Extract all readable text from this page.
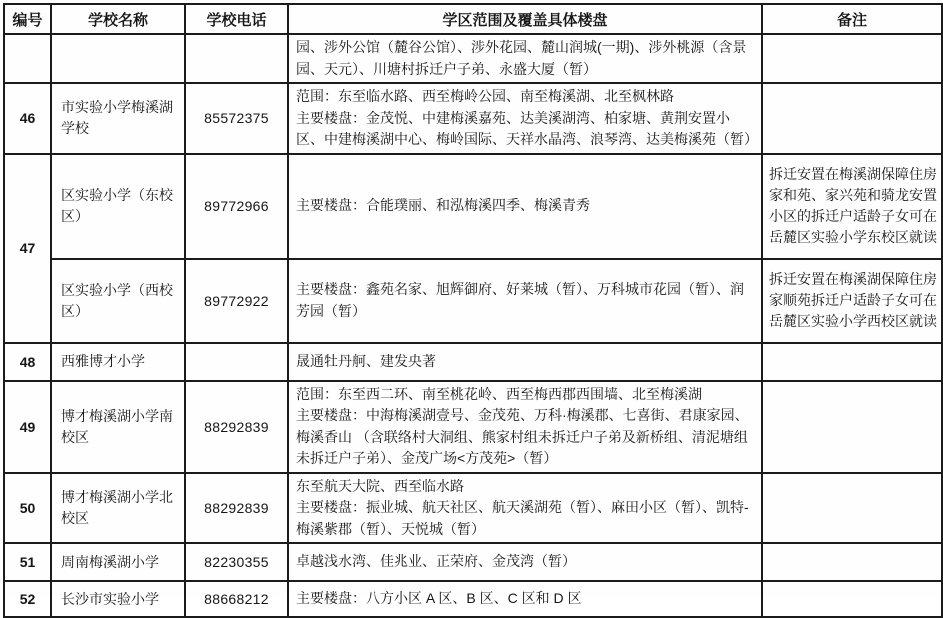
编号	学校名称	学校电话	学区范围及覆盖具体楼盘	备注
			园、涉外公馆（麓谷公馆）、涉外花园、麓山润城(一期)、涉外桃源（含景园、天元）、川塘村拆迁户子弟、永盛大厦（暂）	
46	市实验小学梅溪湖学校	85572375	范围：东至临水路、西至梅岭公园、南至梅溪湖、北至枫林路
主要楼盘：金茂悦、中建梅溪嘉苑、达美溪湖湾、柏家塘、黄荆安置小区、中建梅溪湖中心、梅岭国际、天祥水晶湾、浪琴湾、达美梅溪苑（暂）	
47	区实验小学（东校区）	89772966	主要楼盘：合能璞丽、和泓梅溪四季、梅溪青秀	拆迁安置在梅溪湖保障住房家和苑、家兴苑和骑龙安置小区的拆迁户适龄子女可在岳麓区实验小学东校区就读
	区实验小学（西校区）	89772922	主要楼盘：鑫苑名家、旭辉御府、好莱城（暂）、万科城市花园（暂）、润芳园（暂）	拆迁安置在梅溪湖保障住房家顺苑拆迁户适龄子女可在岳麓区实验小学西校区就读
48	西雅博才小学		晟通牡丹舸、建发央著	
49	博才梅溪湖小学南校区	88292839	范围：东至西二环、南至桃花岭、西至梅西郡西围墙、北至梅溪湖
主要楼盘：中海梅溪湖壹号、金茂苑、万科·梅溪郡、七喜街、君康家园、梅溪香山 （含联络村大洞组、熊家村组未拆迁户子弟及新桥组、清泥塘组未拆迁户子弟）、金茂广场<方茂苑>（暂）	
50	博才梅溪湖小学北校区	88292839	东至航天大院、西至临水路
主要楼盘：振业城、航天社区、航天溪湖苑（暂）、麻田小区（暂）、凯特-梅溪紫郡（暂）、天悦城（暂）	
51	周南梅溪湖小学	82230355	卓越浅水湾、佳兆业、正荣府、金茂湾（暂）	
52	长沙市实验小学	88668212	主要楼盘：八方小区 A 区、B 区、C 区和 D 区	
